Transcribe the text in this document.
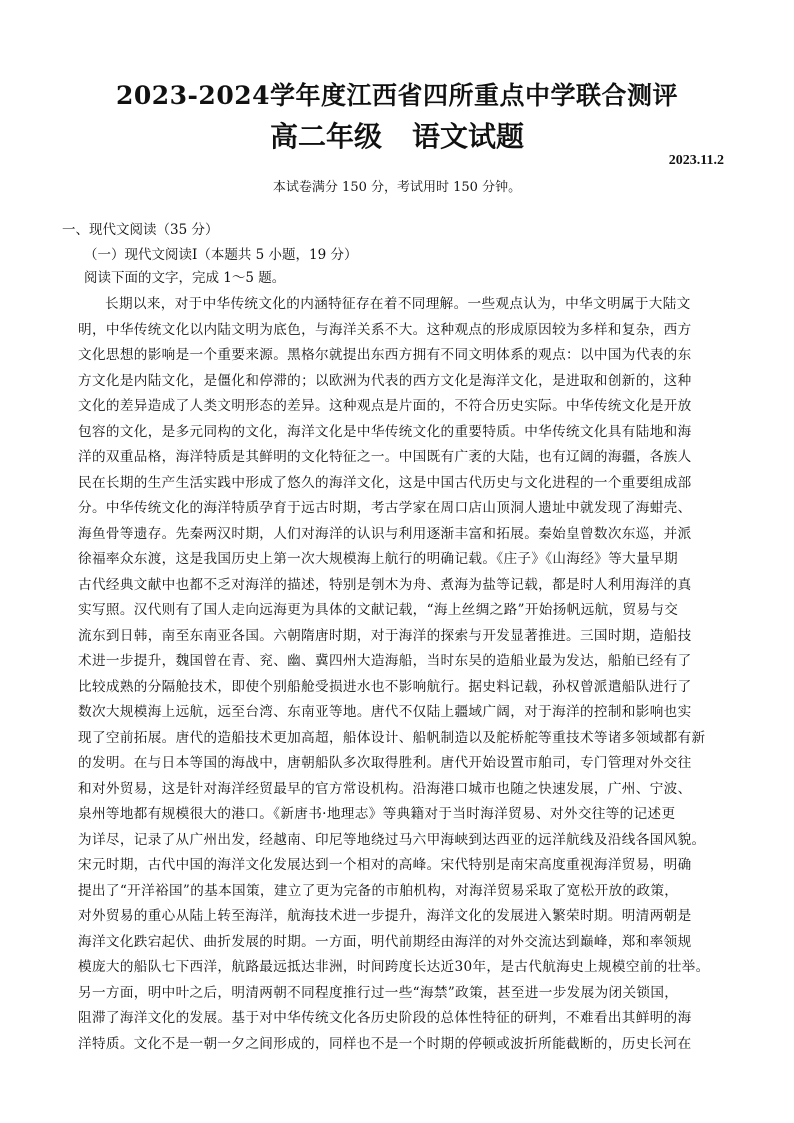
2023-2024学年度江西省四所重点中学联合测评
高二年级 语文试题
2023.11.2
本试卷满分 150 分，考试用时 150 分钟。
一、现代文阅读（35 分）
（一）现代文阅读Ⅰ（本题共 5 小题，19 分）
阅读下面的文字，完成 1～5 题。
长期以来，对于中华传统文化的内涵特征存在着不同理解。一些观点认为，中华文明属于大陆文
明，中华传统文化以内陆文明为底色，与海洋关系不大。这种观点的形成原因较为多样和复杂，西方
文化思想的影响是一个重要来源。黑格尔就提出东西方拥有不同文明体系的观点：以中国为代表的东
方文化是内陆文化，是僵化和停滞的；以欧洲为代表的西方文化是海洋文化，是进取和创新的，这种
文化的差异造成了人类文明形态的差异。这种观点是片面的，不符合历史实际。中华传统文化是开放
包容的文化，是多元同构的文化，海洋文化是中华传统文化的重要特质。中华传统文化具有陆地和海
洋的双重品格，海洋特质是其鲜明的文化特征之一。中国既有广袤的大陆，也有辽阔的海疆，各族人
民在长期的生产生活实践中形成了悠久的海洋文化，这是中国古代历史与文化进程的一个重要组成部
分。中华传统文化的海洋特质孕育于远古时期，考古学家在周口店山顶洞人遗址中就发现了海蚶壳、
海鱼骨等遗存。先秦两汉时期，人们对海洋的认识与利用逐渐丰富和拓展。秦始皇曾数次东巡，并派
徐福率众东渡，这是我国历史上第一次大规模海上航行的明确记载。《庄子》《山海经》等大量早期
古代经典文献中也都不乏对海洋的描述，特别是刳木为舟、煮海为盐等记载，都是时人利用海洋的真
实写照。汉代则有了国人走向远海更为具体的文献记载，“海上丝绸之路”开始扬帆远航，贸易与交
流东到日韩，南至东南亚各国。六朝隋唐时期，对于海洋的探索与开发显著推进。三国时期，造船技
术进一步提升，魏国曾在青、兖、幽、冀四州大造海船，当时东吴的造船业最为发达，船舶已经有了
比较成熟的分隔舱技术，即使个别船舱受损进水也不影响航行。据史料记载，孙权曾派遣船队进行了
数次大规模海上远航，远至台湾、东南亚等地。唐代不仅陆上疆域广阔，对于海洋的控制和影响也实
现了空前拓展。唐代的造船技术更加高超，船体设计、船帆制造以及舵桥舵等重技术等诸多领域都有新
的发明。在与日本等国的海战中，唐朝船队多次取得胜利。唐代开始设置市舶司，专门管理对外交往
和对外贸易，这是针对海洋经贸最早的官方常设机构。沿海港口城市也随之快速发展，广州、宁波、
泉州等地都有规模很大的港口。《新唐书·地理志》等典籍对于当时海洋贸易、对外交往等的记述更
为详尽，记录了从广州出发，经越南、印尼等地绕过马六甲海峡到达西亚的远洋航线及沿线各国风貌。
宋元时期，古代中国的海洋文化发展达到一个相对的高峰。宋代特别是南宋高度重视海洋贸易，明确
提出了“开洋裕国”的基本国策，建立了更为完备的市舶机构，对海洋贸易采取了宽松开放的政策，
对外贸易的重心从陆上转至海洋，航海技术进一步提升，海洋文化的发展进入繁荣时期。明清两朝是
海洋文化跌宕起伏、曲折发展的时期。一方面，明代前期经由海洋的对外交流达到巅峰，郑和率领规
模庞大的船队七下西洋，航路最远抵达非洲，时间跨度长达近30年，是古代航海史上规模空前的壮举。
另一方面，明中叶之后，明清两朝不同程度推行过一些“海禁”政策，甚至进一步发展为闭关锁国，
阻滞了海洋文化的发展。基于对中华传统文化各历史阶段的总体性特征的研判，不难看出其鲜明的海
洋特质。文化不是一朝一夕之间形成的，同样也不是一个时期的停顿或波折所能截断的，历史长河在
